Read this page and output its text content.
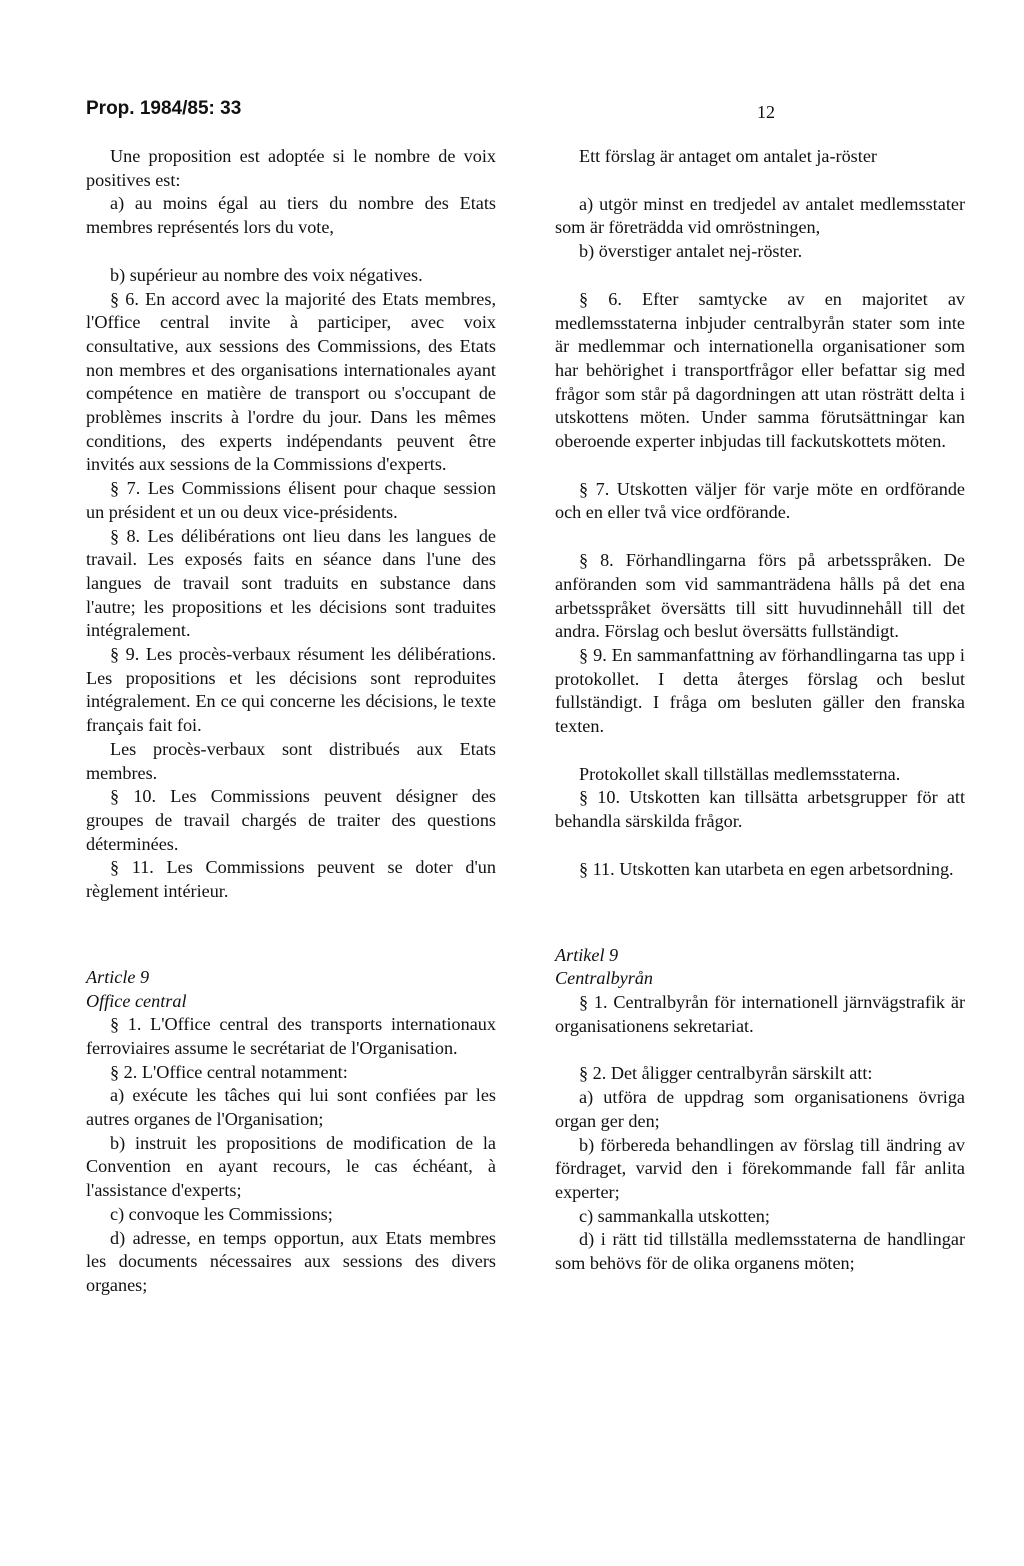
Prop. 1984/85: 33	12

Une proposition est adoptée si le nombre de voix positives est:

a) au moins égal au tiers du nombre des Etats membres représentés lors du vote,

b) supérieur au nombre des voix négatives.

§ 6. En accord avec la majorité des Etats membres, l'Office central invite à participer, avec voix consultative, aux sessions des Commissions, des Etats non membres et des organisations internationales ayant compétence en matière de transport ou s'occupant de problèmes inscrits à l'ordre du jour. Dans les mêmes conditions, des experts indépendants peuvent être invités aux sessions de la Commissions d'experts.

§ 7. Les Commissions élisent pour chaque session un président et un ou deux vice-présidents.

§ 8. Les délibérations ont lieu dans les langues de travail. Les exposés faits en séance dans l'une des langues de travail sont traduits en substance dans l'autre; les propositions et les décisions sont traduites intégralement.

§ 9. Les procès-verbaux résument les délibérations. Les propositions et les décisions sont reproduites intégralement. En ce qui concerne les décisions, le texte français fait foi.

Les procès-verbaux sont distribués aux Etats membres.

§ 10. Les Commissions peuvent désigner des groupes de travail chargés de traiter des questions déterminées.

§ 11. Les Commissions peuvent se doter d'un règlement intérieur.

Article 9

Office central

§ 1. L'Office central des transports internationaux ferroviaires assume le secrétariat de l'Organisation.

§ 2. L'Office central notamment:

a) exécute les tâches qui lui sont confiées par les autres organes de l'Organisation;

b) instruit les propositions de modification de la Convention en ayant recours, le cas échéant, à l'assistance d'experts;

c) convoque les Commissions;

d) adresse, en temps opportun, aux Etats membres les documents nécessaires aux sessions des divers organes;

Ett förslag är antaget om antalet ja-röster

a) utgör minst en tredjedel av antalet medlemsstater som är företrädda vid omröstningen,

b) överstiger antalet nej-röster.

§ 6. Efter samtycke av en majoritet av medlemsstaterna inbjuder centralbyrån stater som inte är medlemmar och internationella organisationer som har behörighet i transportfrågor eller befattar sig med frågor som står på dagordningen att utan rösträtt delta i utskottens möten. Under samma förutsättningar kan oberoende experter inbjudas till fackutskottets möten.

§ 7. Utskotten väljer för varje möte en ordförande och en eller två vice ordförande.

§ 8. Förhandlingarna förs på arbetsspråken. De anföranden som vid sammanträdena hålls på det ena arbetsspråket översätts till sitt huvudinnehåll till det andra. Förslag och beslut översätts fullständigt.

§ 9. En sammanfattning av förhandlingarna tas upp i protokollet. I detta återges förslag och beslut fullständigt. I fråga om besluten gäller den franska texten.

Protokollet skall tillställas medlemsstaterna.

§ 10. Utskotten kan tillsätta arbetsgrupper för att behandla särskilda frågor.

§ 11. Utskotten kan utarbeta en egen arbetsordning.

Artikel 9

Centralbyrån

§ 1. Centralbyrån för internationell järnvägstrafik är organisationens sekretariat.

§ 2. Det åligger centralbyrån särskilt att:

a) utföra de uppdrag som organisationens övriga organ ger den;

b) förbereda behandlingen av förslag till ändring av fördraget, varvid den i förekommande fall får anlita experter;

c) sammankalla utskotten;

d) i rätt tid tillställa medlemsstaterna de handlingar som behövs för de olika organens möten;
